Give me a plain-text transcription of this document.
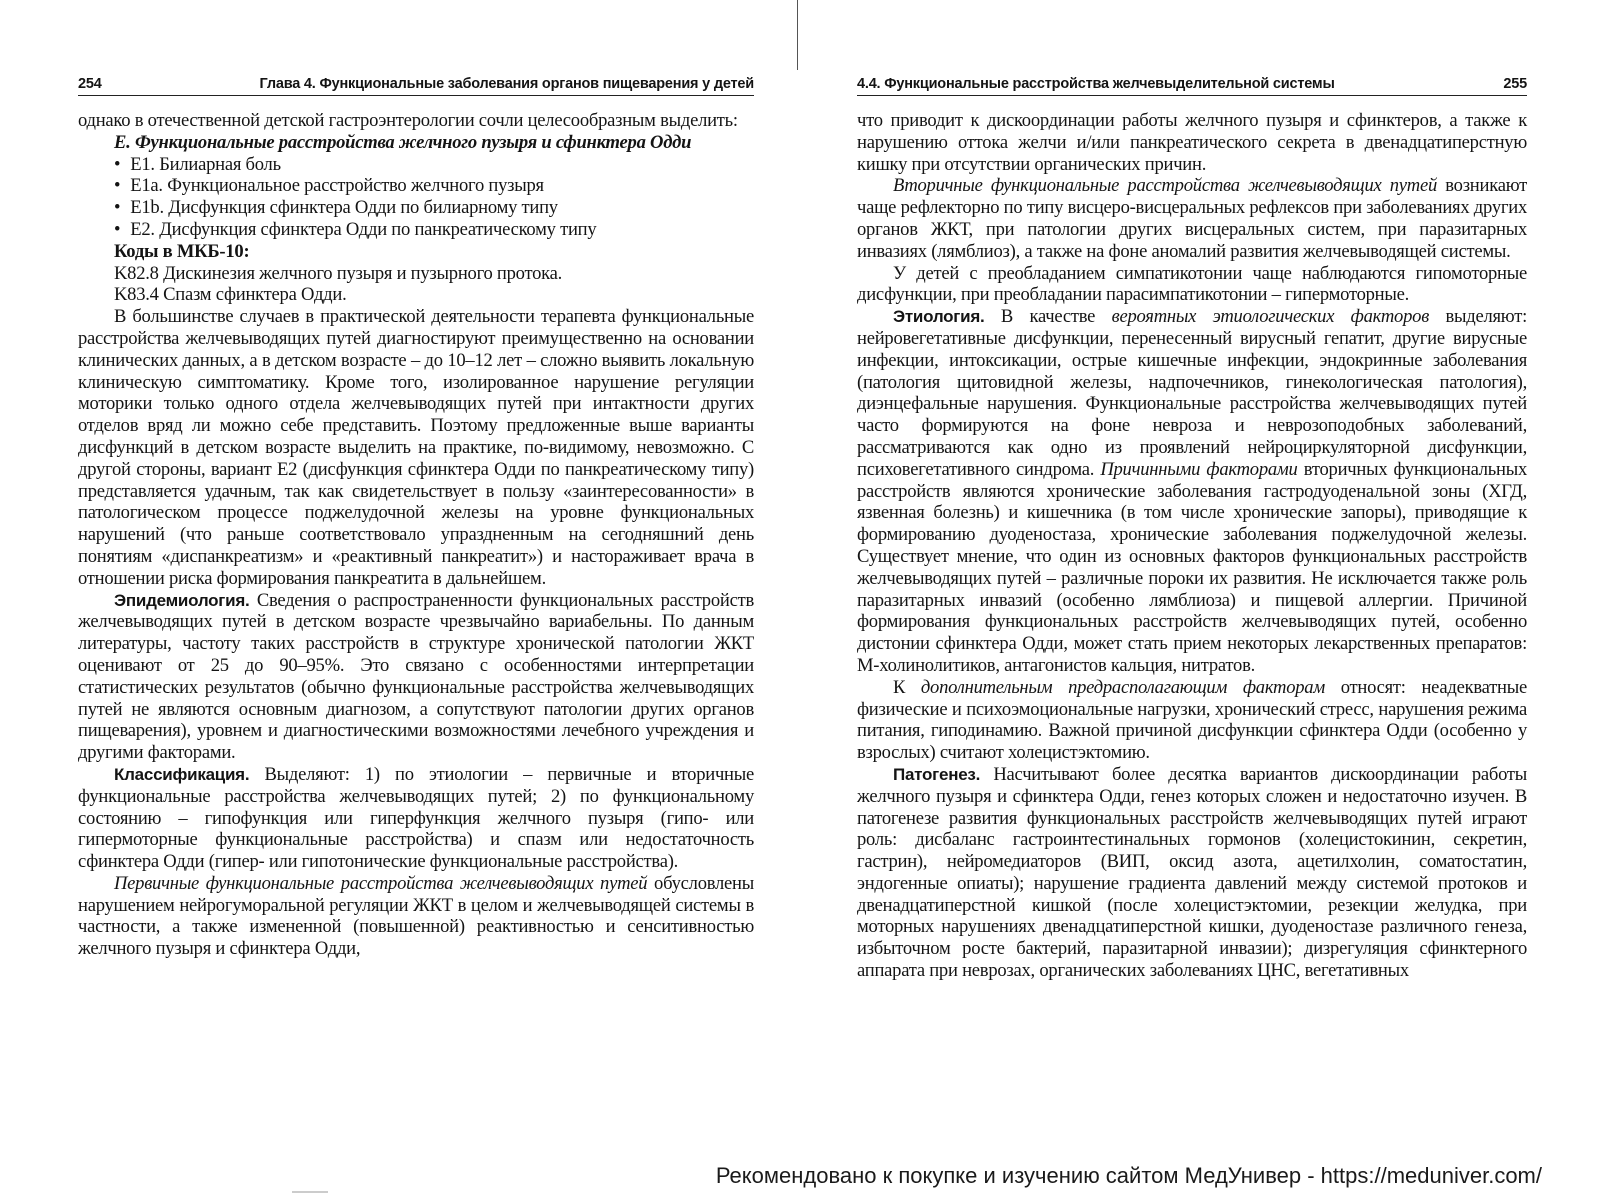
254	Глава 4. Функциональные заболевания органов пищеварения у детей

однако в отечественной детской гастроэнтерологии сочли целесообразным выделить:

Е. Функциональные расстройства желчного пузыря и сфинктера Одди

• E1. Билиарная боль
• E1a. Функциональное расстройство желчного пузыря
• E1b. Дисфункция сфинктера Одди по билиарному типу
• E2. Дисфункция сфинктера Одди по панкреатическому типу

Коды в МКБ-10:

K82.8 Дискинезия желчного пузыря и пузырного протока.

K83.4 Спазм сфинктера Одди.

В большинстве случаев в практической деятельности терапевта функциональные расстройства желчевыводящих путей диагностируют преимущественно на основании клинических данных, а в детском возрасте – до 10–12 лет – сложно выявить локальную клиническую симптоматику. Кроме того, изолированное нарушение регуляции моторики только одного отдела желчевыводящих путей при интактности других отделов вряд ли можно себе представить. Поэтому предложенные выше варианты дисфункций в детском возрасте выделить на практике, по-видимому, невозможно. С другой стороны, вариант E2 (дисфункция сфинктера Одди по панкреатическому типу) представляется удачным, так как свидетельствует в пользу «заинтересованности» в патологическом процессе поджелудочной железы на уровне функциональных нарушений (что раньше соответствовало упраздненным на сегодняшний день понятиям «диспанкреатизм» и «реактивный панкреатит») и настораживает врача в отношении риска формирования панкреатита в дальнейшем.

Эпидемиология. Сведения о распространенности функциональных расстройств желчевыводящих путей в детском возрасте чрезвычайно вариабельны. По данным литературы, частоту таких расстройств в структуре хронической патологии ЖКТ оценивают от 25 до 90–95%. Это связано с особенностями интерпретации статистических результатов (обычно функциональные расстройства желчевыводящих путей не являются основным диагнозом, а сопутствуют патологии других органов пищеварения), уровнем и диагностическими возможностями лечебного учреждения и другими факторами.

Классификация. Выделяют: 1) по этиологии – первичные и вторичные функциональные расстройства желчевыводящих путей; 2) по функциональному состоянию – гипофункция или гиперфункция желчного пузыря (гипо- или гипермоторные функциональные расстройства) и спазм или недостаточность сфинктера Одди (гипер- или гипотонические функциональные расстройства).

Первичные функциональные расстройства желчевыводящих путей обусловлены нарушением нейрогуморальной регуляции ЖКТ в целом и желчевыводящей системы в частности, а также измененной (повышенной) реактивностью и сенситивностью желчного пузыря и сфинктера Одди,

4.4. Функциональные расстройства желчевыделительной системы	255

что приводит к дискоординации работы желчного пузыря и сфинктеров, а также к нарушению оттока желчи и/или панкреатического секрета в двенадцатиперстную кишку при отсутствии органических причин.

Вторичные функциональные расстройства желчевыводящих путей возникают чаще рефлекторно по типу висцеро-висцеральных рефлексов при заболеваниях других органов ЖКТ, при патологии других висцеральных систем, при паразитарных инвазиях (лямблиоз), а также на фоне аномалий развития желчевыводящей системы.

У детей с преобладанием симпатикотонии чаще наблюдаются гипомоторные дисфункции, при преобладании парасимпатикотонии – гипермоторные.

Этиология. В качестве вероятных этиологических факторов выделяют: нейровегетативные дисфункции, перенесенный вирусный гепатит, другие вирусные инфекции, интоксикации, острые кишечные инфекции, эндокринные заболевания (патология щитовидной железы, надпочечников, гинекологическая патология), диэнцефальные нарушения. Функциональные расстройства желчевыводящих путей часто формируются на фоне невроза и неврозоподобных заболеваний, рассматриваются как одно из проявлений нейроциркуляторной дисфункции, психовегетативного синдрома. Причинными факторами вторичных функциональных расстройств являются хронические заболевания гастродуоденальной зоны (ХГД, язвенная болезнь) и кишечника (в том числе хронические запоры), приводящие к формированию дуоденостаза, хронические заболевания поджелудочной железы. Существует мнение, что один из основных факторов функциональных расстройств желчевыводящих путей – различные пороки их развития. Не исключается также роль паразитарных инвазий (особенно лямблиоза) и пищевой аллергии. Причиной формирования функциональных расстройств желчевыводящих путей, особенно дистонии сфинктера Одди, может стать прием некоторых лекарственных препаратов: М-холинолитиков, антагонистов кальция, нитратов.

К дополнительным предрасполагающим факторам относят: неадекватные физические и психоэмоциональные нагрузки, хронический стресс, нарушения режима питания, гиподинамию. Важной причиной дисфункции сфинктера Одди (особенно у взрослых) считают холецистэктомию.

Патогенез. Насчитывают более десятка вариантов дискоординации работы желчного пузыря и сфинктера Одди, генез которых сложен и недостаточно изучен. В патогенезе развития функциональных расстройств желчевыводящих путей играют роль: дисбаланс гастроинтестинальных гормонов (холецистокинин, секретин, гастрин), нейромедиаторов (ВИП, оксид азота, ацетилхолин, соматостатин, эндогенные опиаты); нарушение градиента давлений между системой протоков и двенадцатиперстной кишкой (после холецистэктомии, резекции желудка, при моторных нарушениях двенадцатиперстной кишки, дуоденостазе различного генеза, избыточном росте бактерий, паразитарной инвазии); дизрегуляция сфинктерного аппарата при неврозах, органических заболеваниях ЦНС, вегетативных

Рекомендовано к покупке и изучению сайтом МедУнивер - https://meduniver.com/
